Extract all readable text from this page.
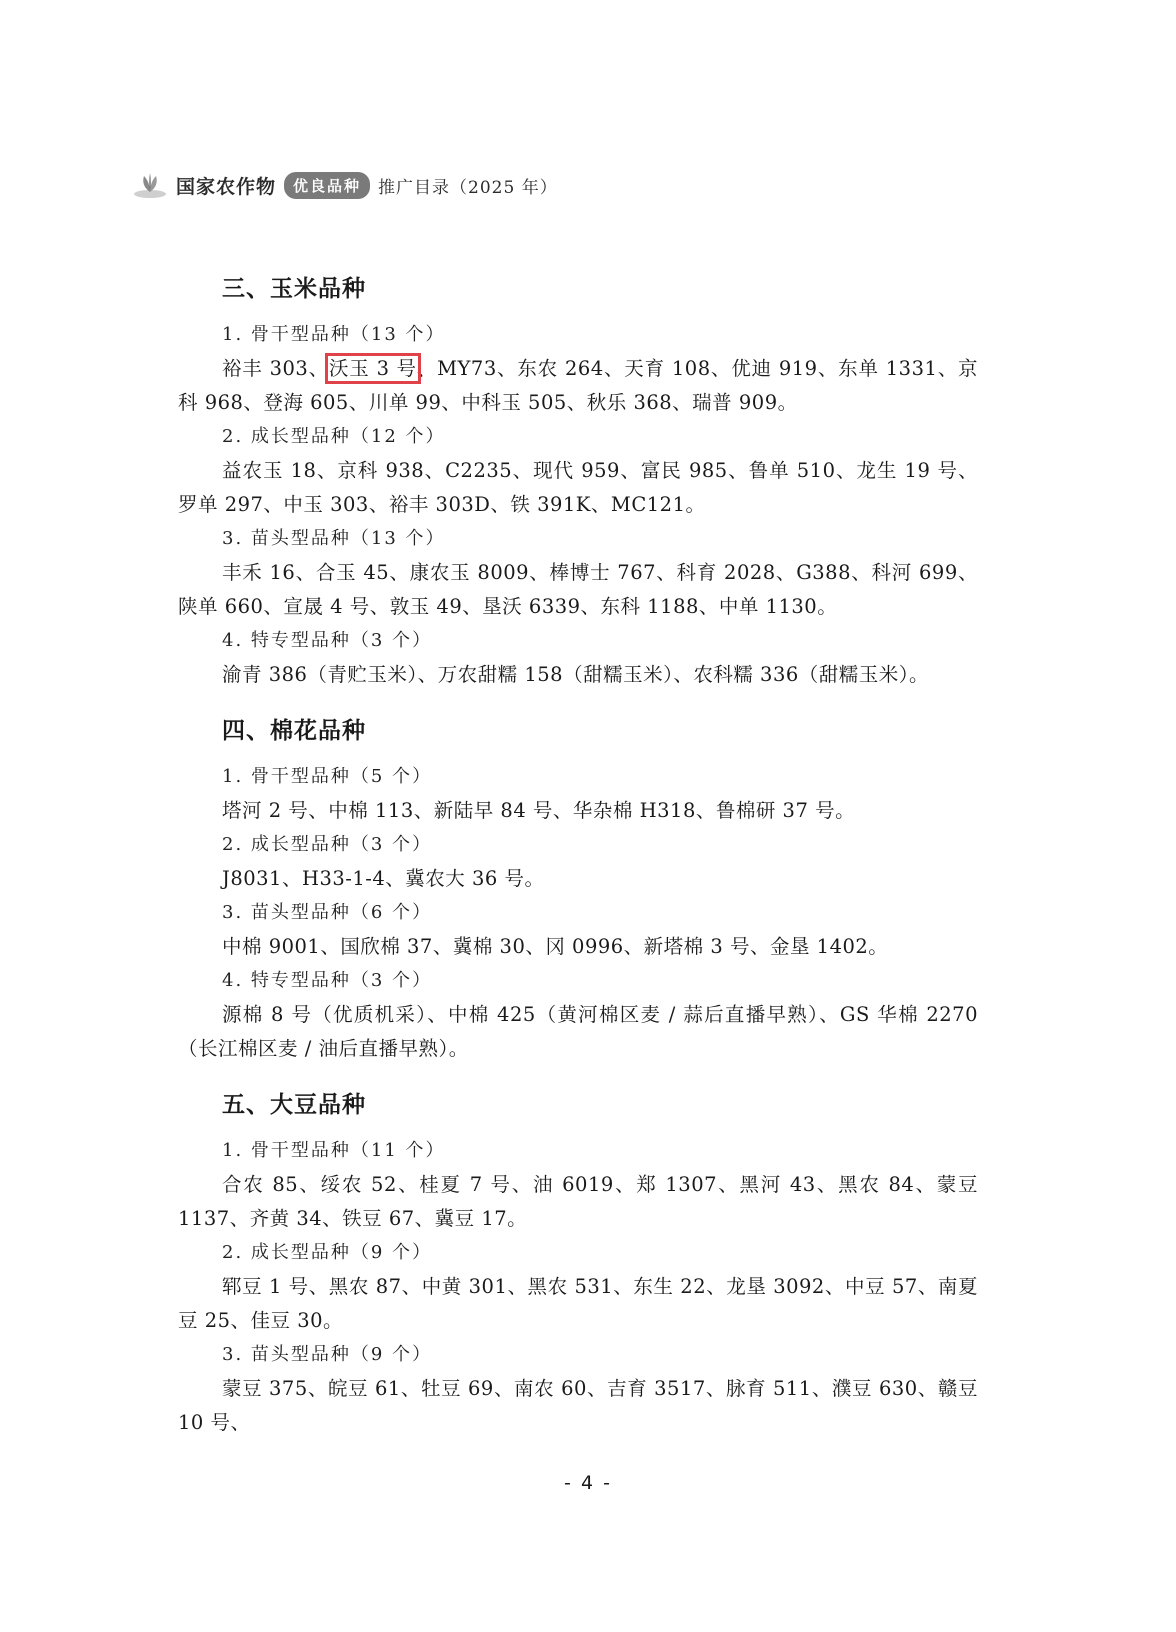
国家农作物	优良品种	推广目录（2025 年）
三、玉米品种
1. 骨干型品种（13 个）

裕丰 303、沃玉 3 号、MY73、东农 264、天育 108、优迪 919、东单 1331、京科 968、登海 605、川单 99、中科玉 505、秋乐 368、瑞普 909。

2. 成长型品种（12 个）

益农玉 18、京科 938、C2235、现代 959、富民 985、鲁单 510、龙生 19 号、罗单 297、中玉 303、裕丰 303D、铁 391K、MC121。

3. 苗头型品种（13 个）

丰禾 16、合玉 45、康农玉 8009、棒博士 767、科育 2028、G388、科河 699、陕单 660、宣晟 4 号、敦玉 49、垦沃 6339、东科 1188、中单 1130。

4. 特专型品种（3 个）

渝青 386（青贮玉米）、万农甜糯 158（甜糯玉米）、农科糯 336（甜糯玉米）。

四、棉花品种
1. 骨干型品种（5 个）

塔河 2 号、中棉 113、新陆早 84 号、华杂棉 H318、鲁棉研 37 号。

2. 成长型品种（3 个）

J8031、H33-1-4、冀农大 36 号。

3. 苗头型品种（6 个）

中棉 9001、国欣棉 37、冀棉 30、冈 0996、新塔棉 3 号、金垦 1402。

4. 特专型品种（3 个）

源棉 8 号（优质机采）、中棉 425（黄河棉区麦 / 蒜后直播早熟）、GS 华棉 2270（长江棉区麦 / 油后直播早熟）。

五、大豆品种
1. 骨干型品种（11 个）

合农 85、绥农 52、桂夏 7 号、油 6019、郑 1307、黑河 43、黑农 84、蒙豆 1137、齐黄 34、铁豆 67、冀豆 17。

2. 成长型品种（9 个）

郓豆 1 号、黑农 87、中黄 301、黑农 531、东生 22、龙垦 3092、中豆 57、南夏豆 25、佳豆 30。

3. 苗头型品种（9 个）

蒙豆 375、皖豆 61、牡豆 69、南农 60、吉育 3517、脉育 511、濮豆 630、赣豆 10 号、

- 4 -
